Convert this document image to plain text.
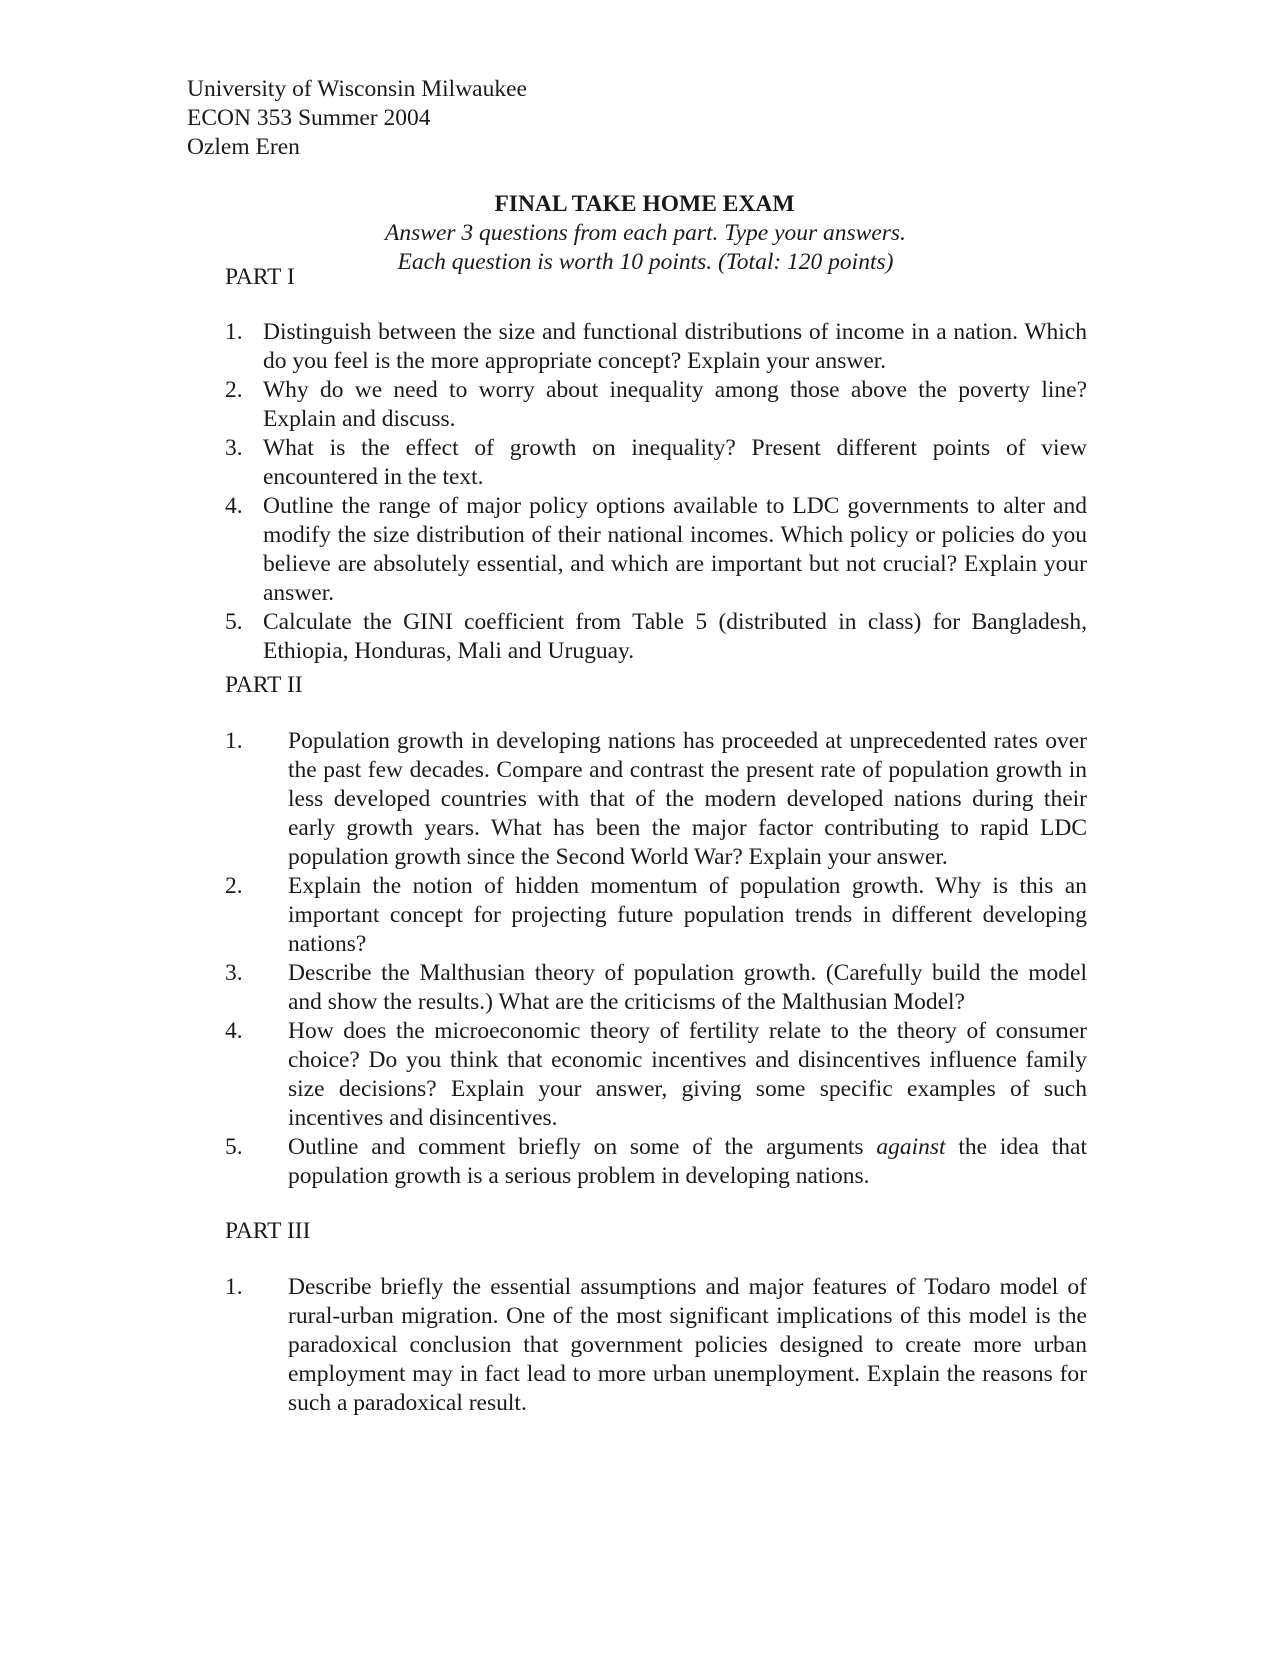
University of Wisconsin Milwaukee
ECON 353 Summer 2004
Ozlem Eren
FINAL TAKE HOME EXAM
Answer 3 questions from each part. Type your answers.
Each question is worth 10 points. (Total: 120 points)
PART I
1. Distinguish between the size and functional distributions of income in a nation. Which do you feel is the more appropriate concept? Explain your answer.
2. Why do we need to worry about inequality among those above the poverty line? Explain and discuss.
3. What is the effect of growth on inequality? Present different points of view encountered in the text.
4. Outline the range of major policy options available to LDC governments to alter and modify the size distribution of their national incomes. Which policy or policies do you believe are absolutely essential, and which are important but not crucial? Explain your answer.
5. Calculate the GINI coefficient from Table 5 (distributed in class) for Bangladesh, Ethiopia, Honduras, Mali and Uruguay.
PART II
1.	Population growth in developing nations has proceeded at unprecedented rates over the past few decades. Compare and contrast the present rate of population growth in less developed countries with that of the modern developed nations during their early growth years. What has been the major factor contributing to rapid LDC population growth since the Second World War? Explain your answer.
2.	Explain the notion of hidden momentum of population growth. Why is this an important concept for projecting future population trends in different developing nations?
3.	Describe the Malthusian theory of population growth. (Carefully build the model and show the results.) What are the criticisms of the Malthusian Model?
4.	How does the microeconomic theory of fertility relate to the theory of consumer choice? Do you think that economic incentives and disincentives influence family size decisions? Explain your answer, giving some specific examples of such incentives and disincentives.
5.	Outline and comment briefly on some of the arguments against the idea that population growth is a serious problem in developing nations.
PART III
1.	Describe briefly the essential assumptions and major features of Todaro model of rural-urban migration. One of the most significant implications of this model is the paradoxical conclusion that government policies designed to create more urban employment may in fact lead to more urban unemployment. Explain the reasons for such a paradoxical result.
